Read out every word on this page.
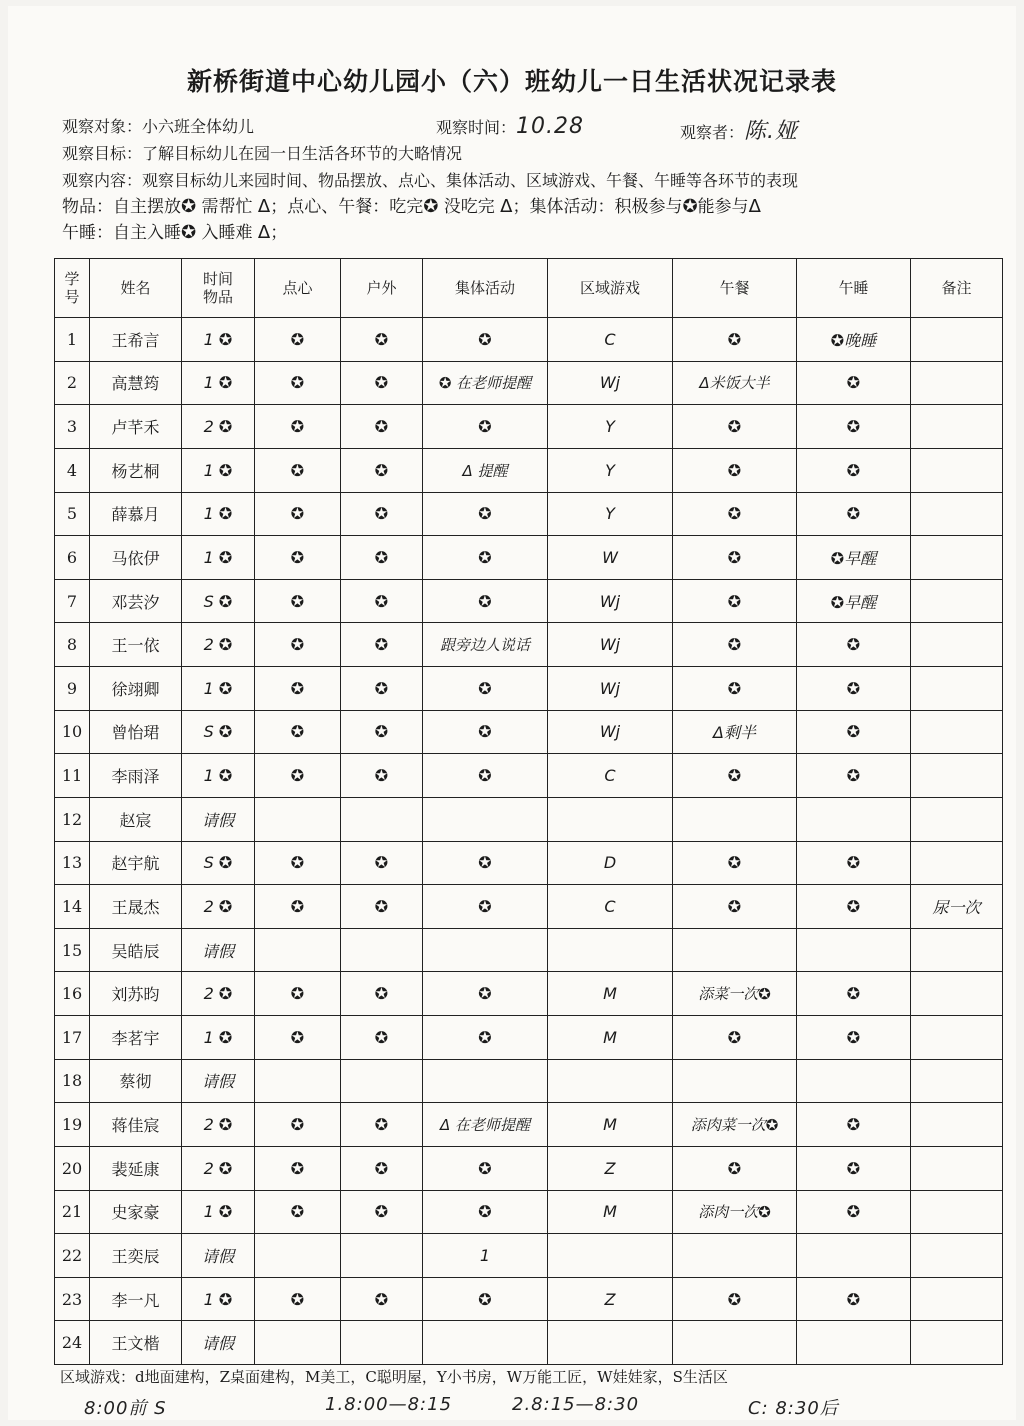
新桥街道中心幼儿园小（六）班幼儿一日生活状况记录表
观察对象：小六班全体幼儿	观察时间：10.28	观察者：陈.娅
观察目标：了解目标幼儿在园一日生活各环节的大略情况
观察内容：观察目标幼儿来园时间、物品摆放、点心、集体活动、区域游戏、午餐、午睡等各环节的表现
物品：自主摆放✪ 需帮忙 Δ；点心、午餐：吃完✪ 没吃完 Δ；集体活动：积极参与✪能参与Δ
午睡：自主入睡✪ 入睡难 Δ；
学号	姓名	时间物品	点心	户外	集体活动	区域游戏	午餐	午睡	备注
1	王希言	1 ✪	✪	✪	✪	C	✪	✪晚睡	
2	高慧筠	1 ✪	✪	✪	✪ 在老师提醒	Wj	Δ米饭大半	✪	
3	卢芊禾	2 ✪	✪	✪	✪	Y	✪	✪	
4	杨艺桐	1 ✪	✪	✪	Δ 提醒	Y	✪	✪	
5	薛慕月	1 ✪	✪	✪	✪	Y	✪	✪	
6	马依伊	1 ✪	✪	✪	✪	W	✪	✪早醒	
7	邓芸汐	S ✪	✪	✪	✪	Wj	✪	✪早醒	
8	王一依	2 ✪	✪	✪	跟旁边人说话	Wj	✪	✪	
9	徐翊卿	1 ✪	✪	✪	✪	Wj	✪	✪	
10	曾怡珺	S ✪	✪	✪	✪	Wj	Δ剩半	✪	
11	李雨泽	1 ✪	✪	✪	✪	C	✪	✪	
12	赵宸	请假							
13	赵宇航	S ✪	✪	✪	✪	D	✪	✪	
14	王晟杰	2 ✪	✪	✪	✪	C	✪	✪	尿一次
15	吴皓辰	请假							
16	刘苏昀	2 ✪	✪	✪	✪	M	添菜一次✪	✪	
17	李茗宇	1 ✪	✪	✪	✪	M	✪	✪	
18	蔡彻	请假							
19	蒋佳宸	2 ✪	✪	✪	Δ 在老师提醒	M	添肉菜一次✪	✪	
20	裴延康	2 ✪	✪	✪	✪	Z	✪	✪	
21	史家豪	1 ✪	✪	✪	✪	M	添肉一次✪	✪	
22	王奕辰	请假			1				
23	李一凡	1 ✪	✪	✪	✪	Z	✪	✪	
24	王文楷	请假							
区域游戏：d地面建构，Z桌面建构，M美工，C聪明屋，Y小书房，W万能工匠，W娃娃家，S生活区
8:00前 S	1.8:00—8:15	2.8:15—8:30	C: 8:30后
